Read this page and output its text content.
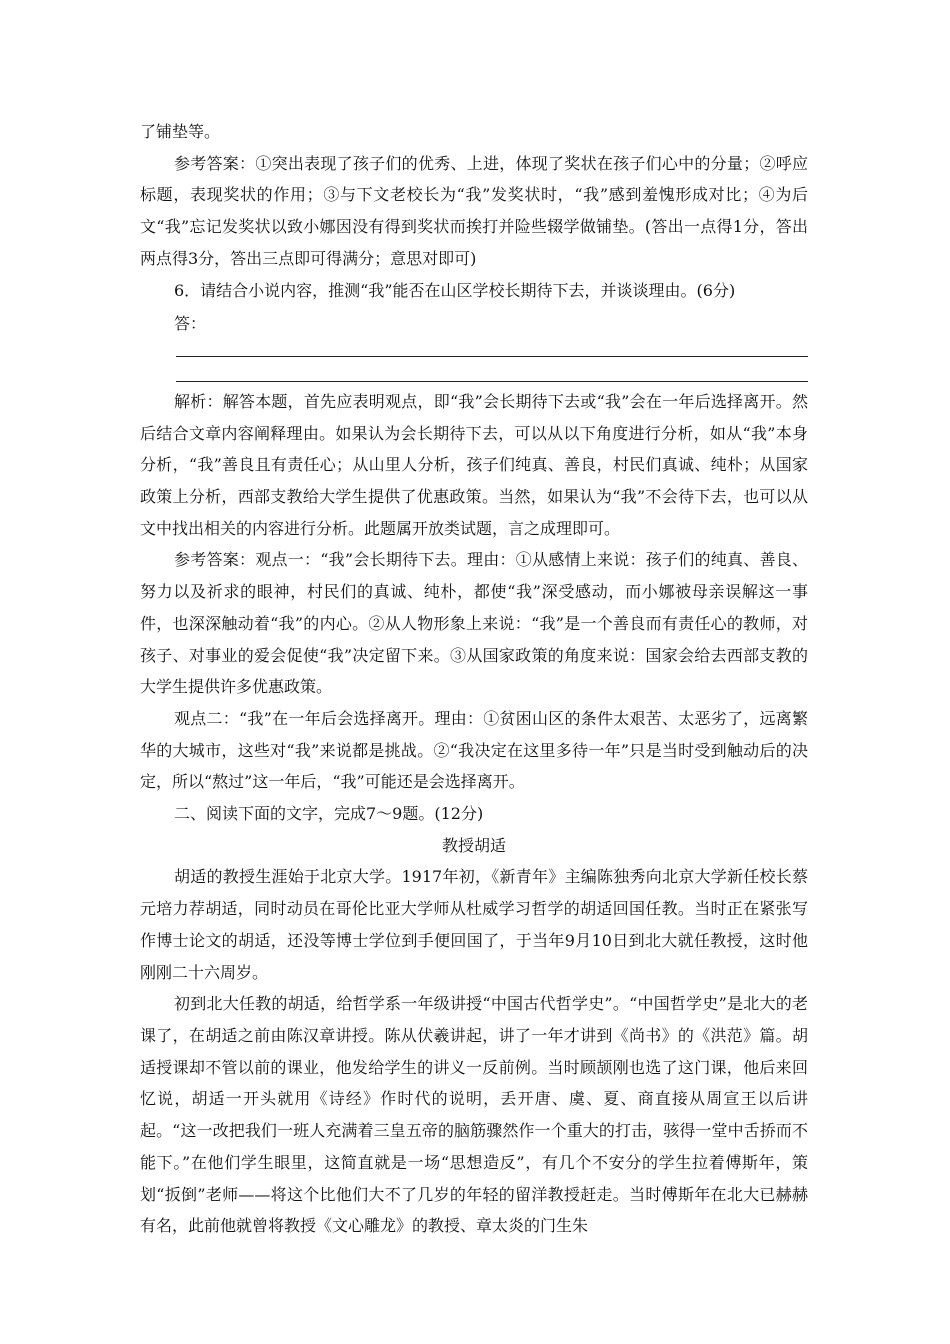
了铺垫等。

参考答案：①突出表现了孩子们的优秀、上进，体现了奖状在孩子们心中的分量；②呼应标题，表现奖状的作用；③与下文老校长为“我”发奖状时，“我”感到羞愧形成对比；④为后文“我”忘记发奖状以致小娜因没有得到奖状而挨打并险些辍学做铺垫。(答出一点得1分，答出两点得3分，答出三点即可得满分；意思对即可)

6．请结合小说内容，推测“我”能否在山区学校长期待下去，并谈谈理由。(6分)

答：

解析：解答本题，首先应表明观点，即“我”会长期待下去或“我”会在一年后选择离开。然后结合文章内容阐释理由。如果认为会长期待下去，可以从以下角度进行分析，如从“我”本身分析，“我”善良且有责任心；从山里人分析，孩子们纯真、善良，村民们真诚、纯朴；从国家政策上分析，西部支教给大学生提供了优惠政策。当然，如果认为“我”不会待下去，也可以从文中找出相关的内容进行分析。此题属开放类试题，言之成理即可。

参考答案：观点一：“我”会长期待下去。理由：①从感情上来说：孩子们的纯真、善良、努力以及祈求的眼神，村民们的真诚、纯朴，都使“我”深受感动，而小娜被母亲误解这一事件，也深深触动着“我”的内心。②从人物形象上来说：“我”是一个善良而有责任心的教师，对孩子、对事业的爱会促使“我”决定留下来。③从国家政策的角度来说：国家会给去西部支教的大学生提供许多优惠政策。

观点二：“我”在一年后会选择离开。理由：①贫困山区的条件太艰苦、太恶劣了，远离繁华的大城市，这些对“我”来说都是挑战。②“我决定在这里多待一年”只是当时受到触动后的决定，所以“熬过”这一年后，“我”可能还是会选择离开。

二、阅读下面的文字，完成7～9题。(12分)

教授胡适

胡适的教授生涯始于北京大学。1917年初，《新青年》主编陈独秀向北京大学新任校长蔡元培力荐胡适，同时动员在哥伦比亚大学师从杜威学习哲学的胡适回国任教。当时正在紧张写作博士论文的胡适，还没等博士学位到手便回国了，于当年9月10日到北大就任教授，这时他刚刚二十六周岁。

初到北大任教的胡适，给哲学系一年级讲授“中国古代哲学史”。“中国哲学史”是北大的老课了，在胡适之前由陈汉章讲授。陈从伏羲讲起，讲了一年才讲到《尚书》的《洪范》篇。胡适授课却不管以前的课业，他发给学生的讲义一反前例。当时顾颉刚也选了这门课，他后来回忆说，胡适一开头就用《诗经》作时代的说明，丢开唐、虞、夏、商直接从周宣王以后讲起。“这一改把我们一班人充满着三皇五帝的脑筋骤然作一个重大的打击，骇得一堂中舌挢而不能下。”在他们学生眼里，这简直就是一场“思想造反”，有几个不安分的学生拉着傅斯年，策划“扳倒”老师——将这个比他们大不了几岁的年轻的留洋教授赶走。当时傅斯年在北大已赫赫有名，此前他就曾将教授《文心雕龙》的教授、章太炎的门生朱
